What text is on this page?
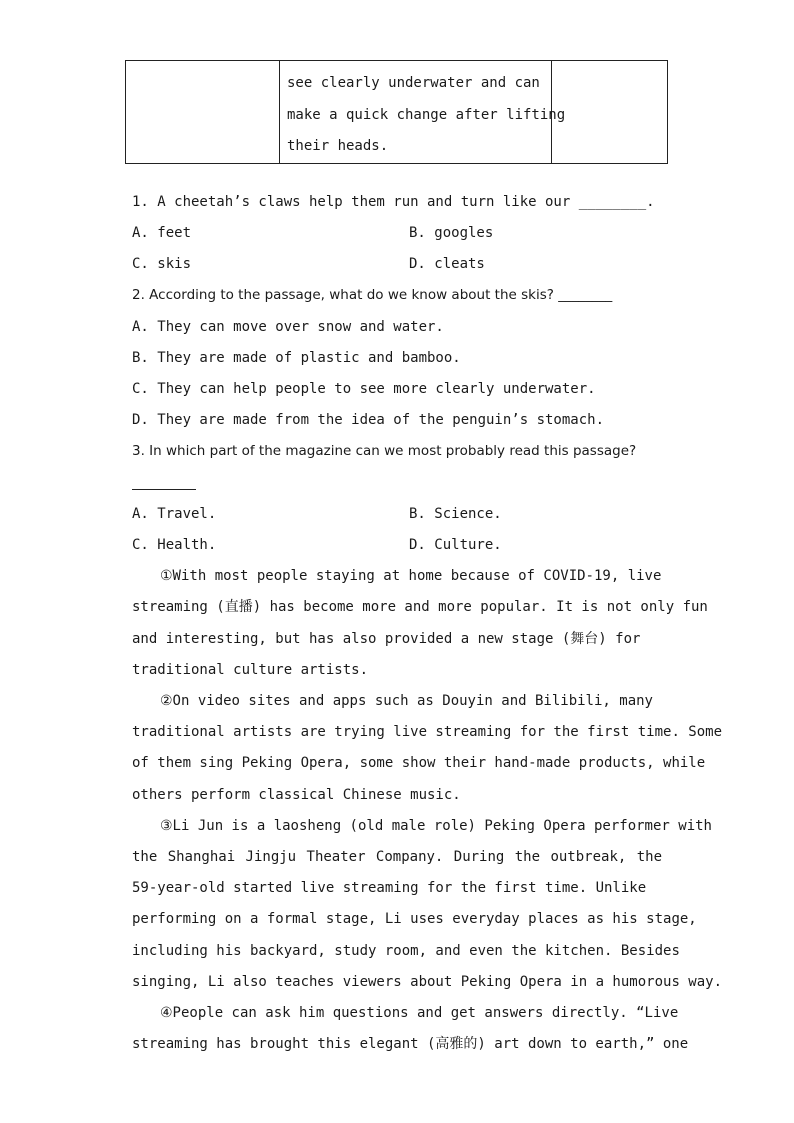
see clearly underwater and can
make a quick change after lifting
their heads.
1. A cheetah’s claws help them run and turn like our ________.
A. feet	B. googles
C. skis	D. cleats
2. According to the passage, what do we know about the skis? ________
A. They can move over snow and water.
B. They are made of plastic and bamboo.
C. They can help people to see more clearly underwater.
D. They are made from the idea of the penguin’s stomach.
3. In which part of the magazine can we most probably read this passage?
A. Travel.	B. Science.
C. Health.	D. Culture.
①With most people staying at home because of COVID-19, live
streaming (直播) has become more and more popular. It is not only fun
and interesting, but has also provided a new stage (舞台) for
traditional culture artists.
②On video sites and apps such as Douyin and Bilibili, many
traditional artists are trying live streaming for the first time. Some
of them sing Peking Opera, some show their hand-made products, while
others perform classical Chinese music.
③Li Jun is a laosheng (old male role) Peking Opera performer with
the Shanghai Jingju Theater Company. During the outbreak, the
59-year-old started live streaming for the first time. Unlike
performing on a formal stage, Li uses everyday places as his stage,
including his backyard, study room, and even the kitchen. Besides
singing, Li also teaches viewers about Peking Opera in a humorous way.
④People can ask him questions and get answers directly. “Live
streaming has brought this elegant (高雅的) art down to earth,” one
